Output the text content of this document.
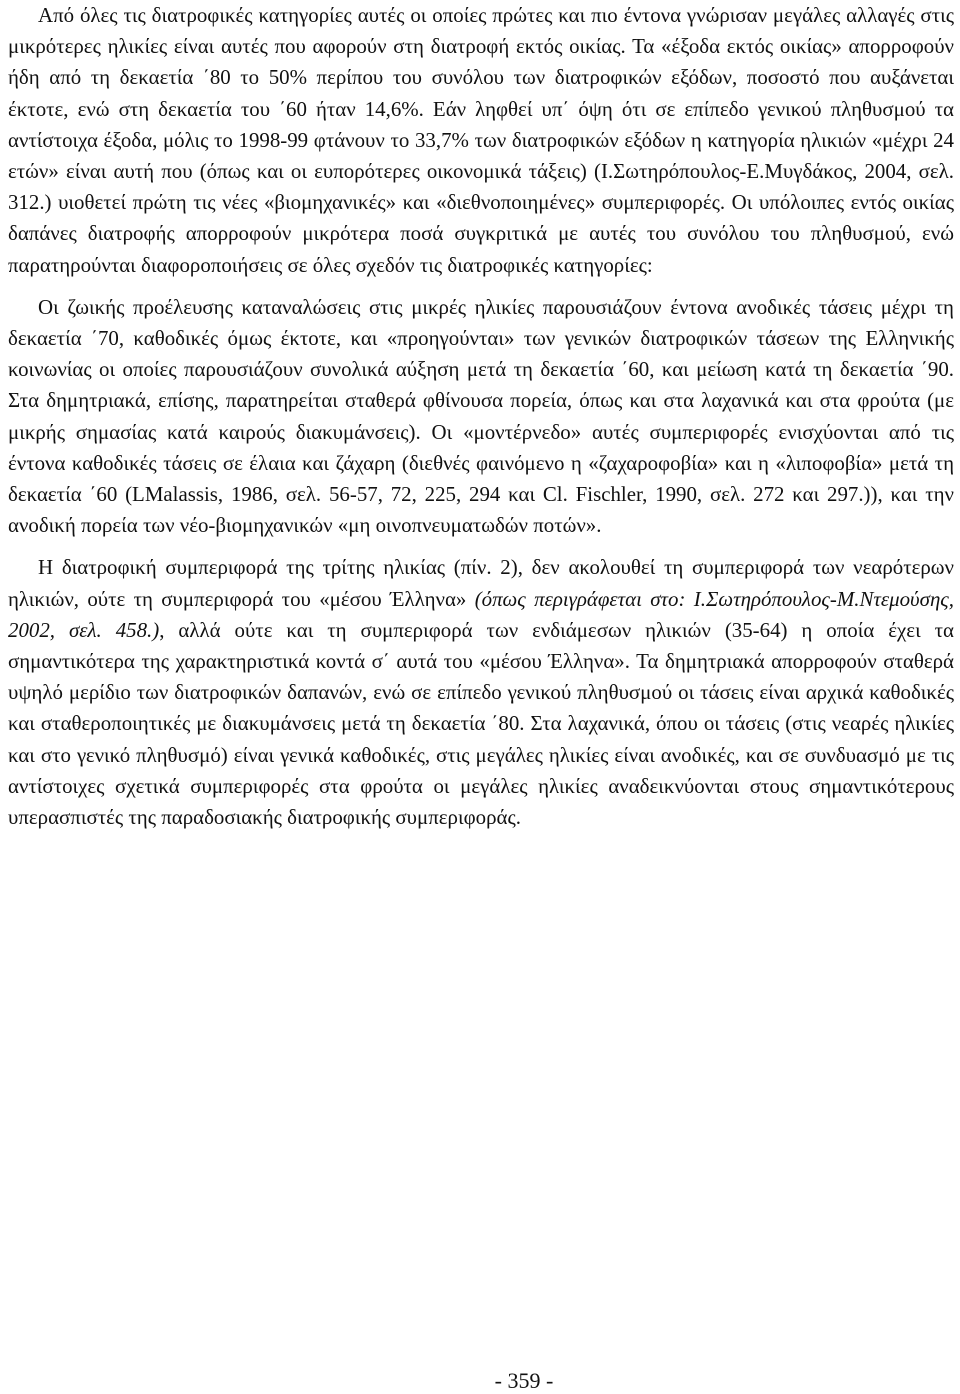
Από όλες τις διατροφικές κατηγορίες αυτές οι οποίες πρώτες και πιο έντονα γνώρισαν μεγάλες αλλαγές στις μικρότερες ηλικίες είναι αυτές που αφορούν στη διατροφή εκτός οικίας. Τα «έξοδα εκτός οικίας» απορροφούν ήδη από τη δεκαετία ΄80 το 50% περίπου του συνόλου των διατροφικών εξόδων, ποσοστό που αυξάνεται έκτοτε, ενώ στη δεκαετία του ΄60 ήταν 14,6%. Εάν ληφθεί υπ΄ όψη ότι σε επίπεδο γενικού πληθυσμού τα αντίστοιχα έξοδα, μόλις το 1998-99 φτάνουν το 33,7% των διατροφικών εξόδων η κατηγορία ηλικιών «μέχρι 24 ετών» είναι αυτή που (όπως και οι ευπορότερες οικονομικά τάξεις) (Ι.Σωτηρόπουλος-Ε.Μυγδάκος, 2004, σελ. 312.) υιοθετεί πρώτη τις νέες «βιομηχανικές» και «διεθνοποιημένες» συμπεριφορές. Οι υπόλοιπες εντός οικίας δαπάνες διατροφής απορροφούν μικρότερα ποσά συγκριτικά με αυτές του συνόλου του πληθυσμού, ενώ παρατηρούνται διαφοροποιήσεις σε όλες σχεδόν τις διατροφικές κατηγορίες:

Οι ζωικής προέλευσης καταναλώσεις στις μικρές ηλικίες παρουσιάζουν έντονα ανοδικές τάσεις μέχρι τη δεκαετία ΄70, καθοδικές όμως έκτοτε, και «προηγούνται» των γενικών διατροφικών τάσεων της Ελληνικής κοινωνίας οι οποίες παρουσιάζουν συνολικά αύξηση μετά τη δεκαετία ΄60, και μείωση κατά τη δεκαετία ΄90. Στα δημητριακά, επίσης, παρατηρείται σταθερά φθίνουσα πορεία, όπως και στα λαχανικά και στα φρούτα (με μικρής σημασίας κατά καιρούς διακυμάνσεις). Οι «μοντέρνεδο» αυτές συμπεριφορές ενισχύονται από τις έντονα καθοδικές τάσεις σε έλαια και ζάχαρη (διεθνές φαινόμενο η «ζαχαροφοβία» και η «λιποφοβία» μετά τη δεκαετία ΄60 (LMalassis, 1986, σελ. 56-57, 72, 225, 294 και Cl. Fischler, 1990, σελ. 272 και 297.)), και την ανοδική πορεία των νέο-βιομηχανικών «μη οινοπνευματωδών ποτών».

Η διατροφική συμπεριφορά της τρίτης ηλικίας (πίν. 2), δεν ακολουθεί τη συμπεριφορά των νεαρότερων ηλικιών, ούτε τη συμπεριφορά του «μέσου Έλληνα» (όπως περιγράφεται στο: Ι.Σωτηρόπουλος-Μ.Ντεμούσης, 2002, σελ. 458.), αλλά ούτε και τη συμπεριφορά των ενδιάμεσων ηλικιών (35-64) η οποία έχει τα σημαντικότερα της χαρακτηριστικά κοντά σ΄ αυτά του «μέσου Έλληνα». Τα δημητριακά απορροφούν σταθερά υψηλό μερίδιο των διατροφικών δαπανών, ενώ σε επίπεδο γενικού πληθυσμού οι τάσεις είναι αρχικά καθοδικές και σταθεροποιητικές με διακυμάνσεις μετά τη δεκαετία ΄80. Στα λαχανικά, όπου οι τάσεις (στις νεαρές ηλικίες και στο γενικό πληθυσμό) είναι γενικά καθοδικές, στις μεγάλες ηλικίες είναι ανοδικές, και σε συνδυασμό με τις αντίστοιχες σχετικά συμπεριφορές στα φρούτα οι μεγάλες ηλικίες αναδεικνύονται στους σημαντικότερους υπερασπιστές της παραδοσιακής διατροφικής συμπεριφοράς.

- 359 -
